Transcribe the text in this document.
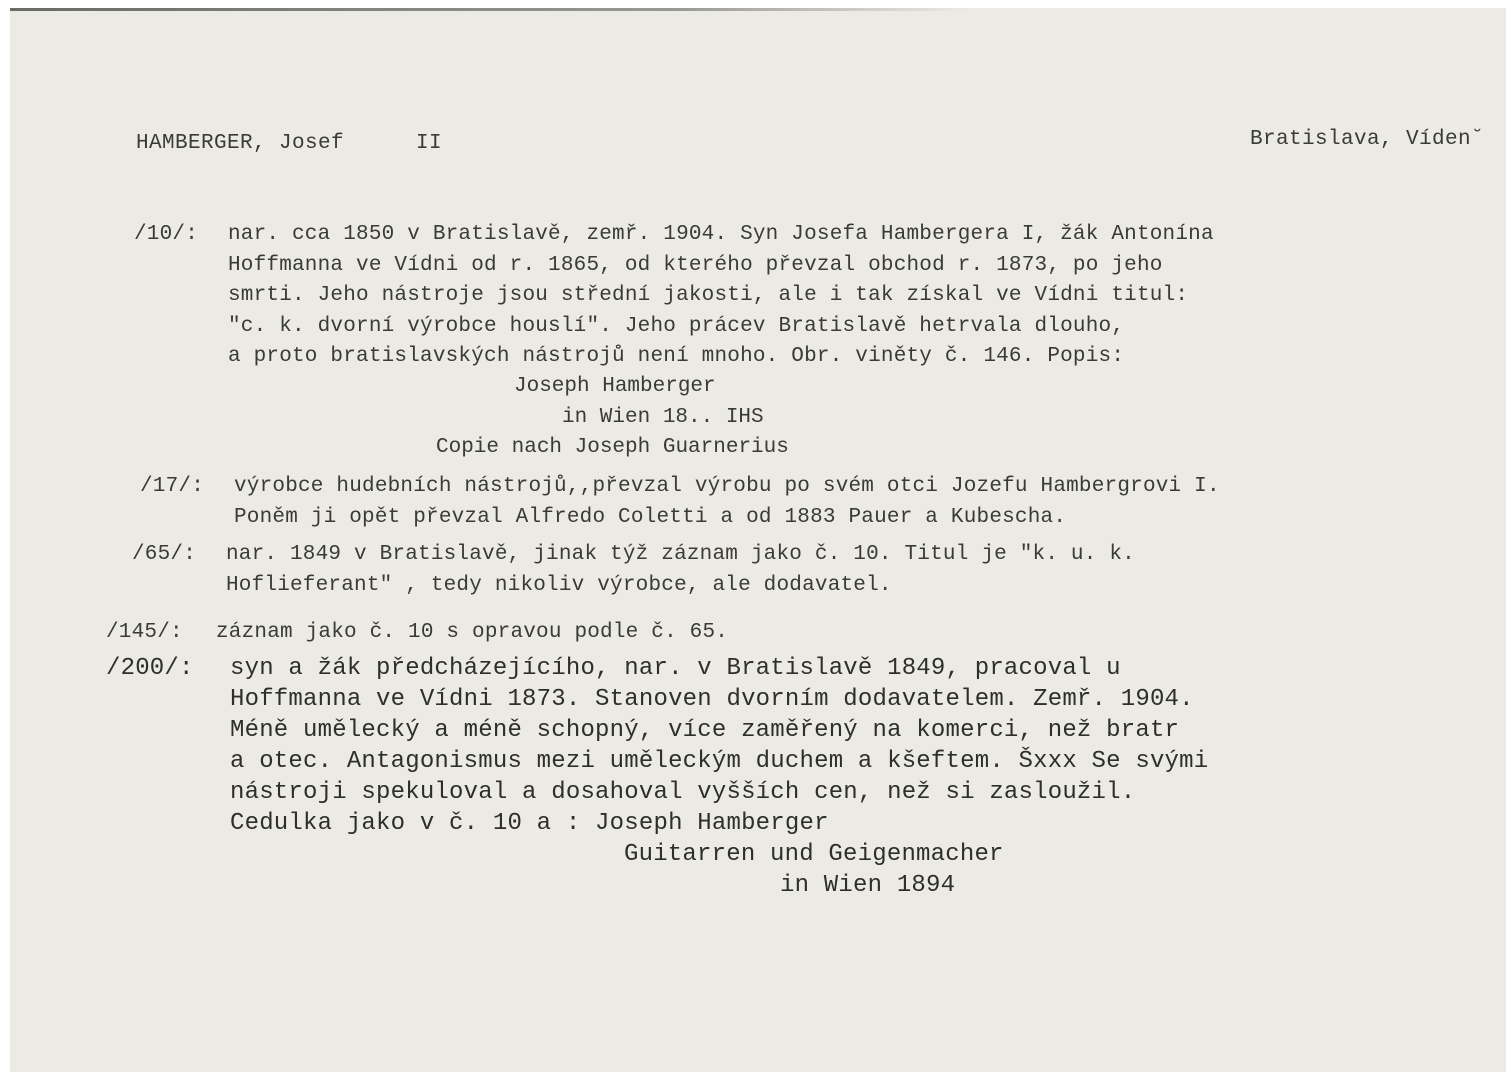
HAMBERGER, Josef	II	Bratislava, Víden˘
/10/: nar. cca 1850 v Bratislavě, zemř. 1904. Syn Josefa Hambergera I, žák Antonína
Hoffmanna ve Vídni od r. 1865, od kterého převzal obchod r. 1873, po jeho
smrti. Jeho nástroje jsou střední jakosti, ale i tak získal ve Vídni titul:
"c. k. dvorní výrobce houslí". Jeho prácev Bratislavě hetrvala dlouho,
a proto bratislavských nástrojů není mnoho. Obr. viněty č. 146. Popis:
Joseph Hamberger
in Wien 18.. IHS
Copie nach Joseph Guarnerius
/17/: výrobce hudebních nástrojů,,převzal výrobu po svém otci Jozefu Hambergrovi I.
Poněm ji opět převzal Alfredo Coletti a od 1883 Pauer a Kubescha.
/65/: nar. 1849 v Bratislavě, jinak týž záznam jako č. 10. Titul je "k. u. k.
Hoflieferant" , tedy nikoliv výrobce, ale dodavatel.
/145/: záznam jako č. 10 s opravou podle č. 65.
/200/: syn a žák předcházejícího, nar. v Bratislavě 1849, pracoval u
Hoffmanna ve Vídni 1873. Stanoven dvorním dodavatelem. Zemř. 1904.
Méně umělecký a méně schopný, více zaměřený na komerci, než bratr
a otec. Antagonismus mezi uměleckým duchem a kšeftem. Šxxx Se svými
nástroji spekuloval a dosahoval vyšších cen, než si zasloužil.
Cedulka jako v č. 10 a : Joseph Hamberger
Guitarren und Geigenmacher
in Wien 1894
